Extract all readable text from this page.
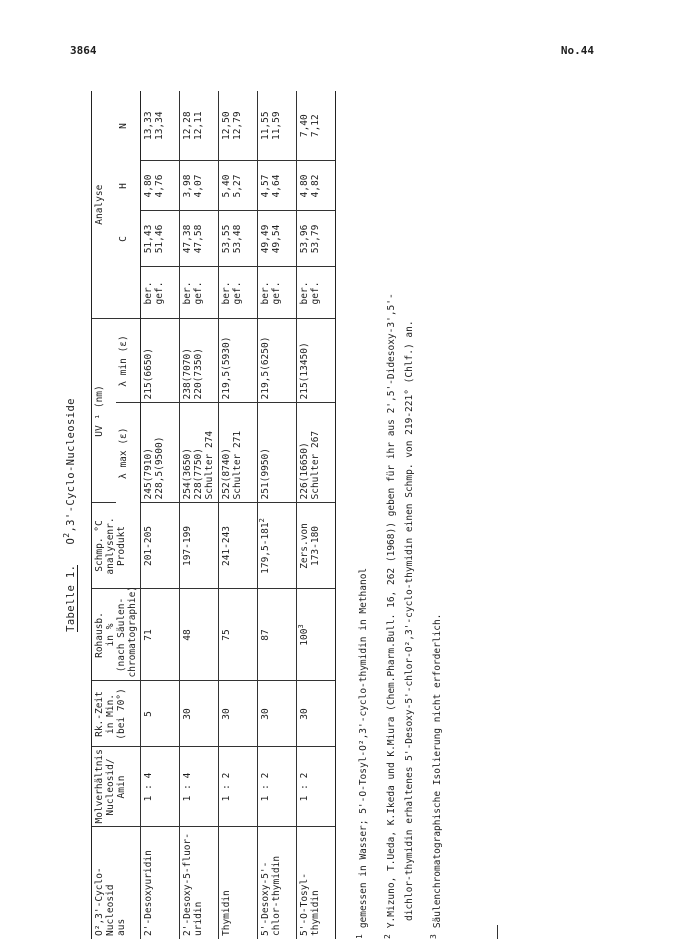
3864	No.44
Tabelle 1.   $O^2,3'-Cyclo$-Nucleoside
O²,3'-Cyclo- Nucleosid aus	Molverhältnis Nucleosid/ Amin	Rk.-Zeit in Min. (bei 70°)	Rohausb. in % (nach Säulen- chromatographie)	Schmp. °C analysenr. Produkt	UV ¹ (nm)		Analyse			
					λ max (ε)	λ min (ε)		C	H	N

2'-Desoxyuridin	1 : 4	5	71	201-205	245(7910) 228,5(9500)	215(6650)	ber. gef.	51,43 51,46	4,80 4,76	13,33 13,34

2'-Desoxy-5-fluor- uridin	1 : 4	30	48	197-199	254(3650) 228(7750) Schulter 274	238(7070) 220(7350)	ber. gef.	47,38 47,58	3,98 4,07	12,28 12,11

Thymidin	1 : 2	30	75	241-243	252(8740) Schulter 271	219,5(5930)	ber. gef.	53,55 53,48	5,40 5,27	12,50 12,79

5'-Desoxy-5'- chlor-thymidin	1 : 2	30	87	$179,5-181^2$	251(9950)	219,5(6250)	ber. gef.	49,49 49,54	4,57 4,64	11,55 11,59

5'-O-Tosyl- thymidin	1 : 2	30	$100^3$	Zers.von 173-180	226(16650) Schulter 267	215(13450)	ber. gef.	53,96 53,79	4,80 4,82	7,40 7,12
$^1$gemessen in Wasser; 5'-O-Tosyl-O²,3'-cyclo-thymidin in Methanol
$^2$Y.Mizuno, T.Ueda, K.Ikeda und K.Miura (Chem.Pharm.Bull. 16, 262 (1968)) geben für ihr aus 2',5'-Didesoxy-3',5'- dichlor-thymidin erhaltenes 5'-Desoxy-5'-chlor-O²,3'-cyclo-thymidin einen Schmp. von 219-221° (Chlf.) an.
$^3$Säulenchromatographische Isolierung nicht erforderlich.
